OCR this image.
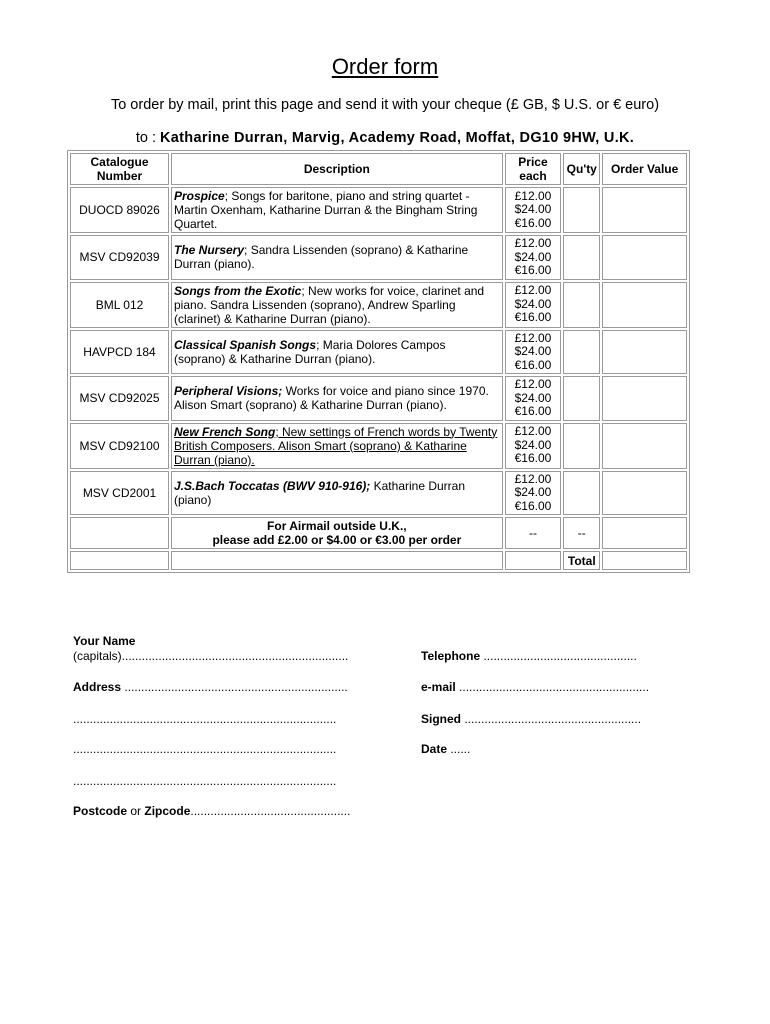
Order form
To order by mail, print this page and send it with your cheque (£ GB, $ U.S. or € euro)
to : Katharine Durran, Marvig, Academy Road, Moffat, DG10 9HW, U.K.
Catalogue Number	Description	Price each	Qu'ty	Order Value
DUOCD 89026	Prospice; Songs for baritone, piano and string quartet - Martin Oxenham, Katharine Durran & the Bingham String Quartet.	£12.00
$24.00
€16.00		

MSV CD92039	The Nursery; Sandra Lissenden (soprano) & Katharine Durran (piano).	£12.00
$24.00
€16.00		

BML 012	Songs from the Exotic; New works for voice, clarinet and piano. Sandra Lissenden (soprano), Andrew Sparling (clarinet) & Katharine Durran (piano).	£12.00
$24.00
€16.00		

HAVPCD 184	Classical Spanish Songs; Maria Dolores Campos (soprano) & Katharine Durran (piano).	£12.00
$24.00
€16.00		

MSV CD92025	Peripheral Visions; Works for voice and piano since 1970. Alison Smart (soprano) & Katharine Durran (piano).	£12.00
$24.00
€16.00		

MSV CD92100	New French Song; New settings of French words by Twenty British Composers. Alison Smart (soprano) & Katharine Durran (piano).	£12.00
$24.00
€16.00		

MSV CD2001	J.S.Bach Toccatas (BWV 910-916); Katharine Durran (piano)	£12.00
$24.00
€16.00		

	For Airmail outside U.K.,
please add £2.00 or $4.00 or €3.00 per order	--	--	
			Total	
Your Name
(capitals)....................................................................	Telephone ..............................................
Address ...................................................................	e-mail .........................................................
...............................................................................	Signed .....................................................
...............................................................................	Date ......
...............................................................................
Postcode or Zipcode................................................
